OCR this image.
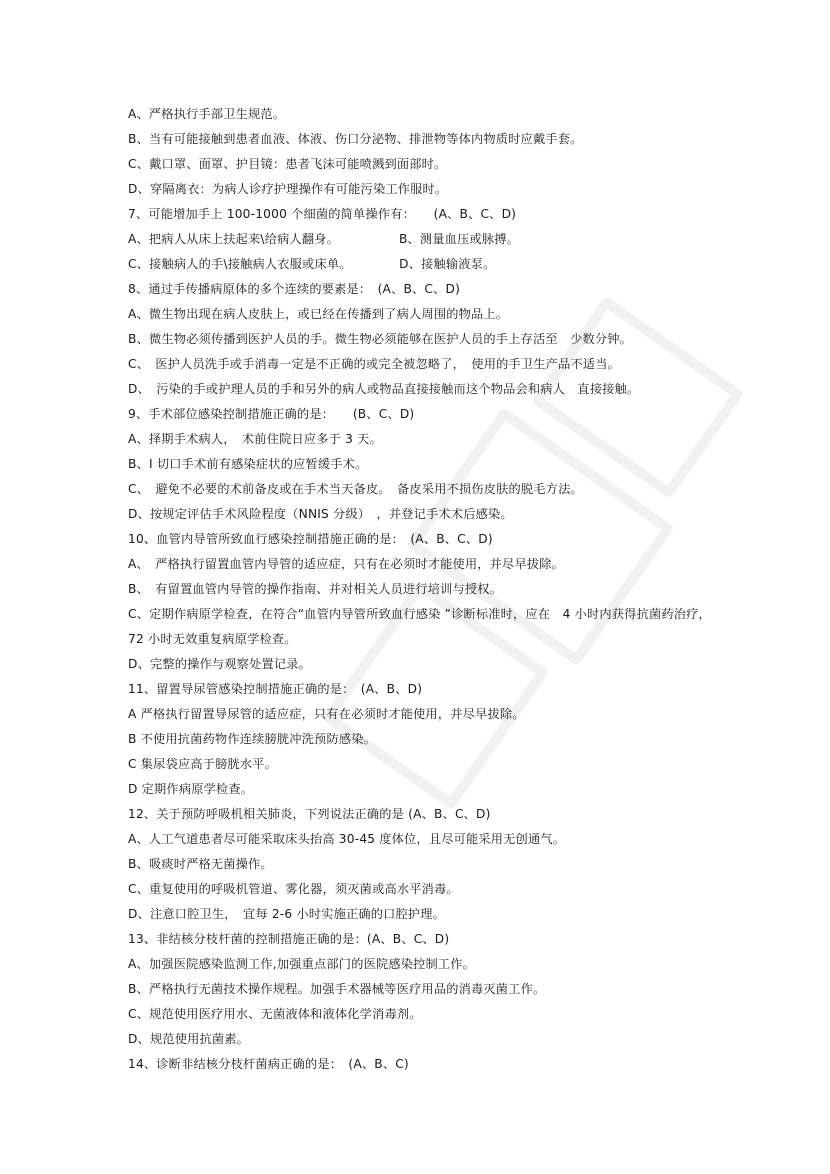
A、严格执行手部卫生规范。
B、当有可能接触到患者血液、体液、伤口分泌物、排泄物等体内物质时应戴手套。
C、戴口罩、面罩、护目镜：患者飞沫可能喷溅到面部时。
D、穿隔离衣：为病人诊疗护理操作有可能污染工作服时。
7、可能增加手上 100-1000 个细菌的简单操作有：　　(A、B、C、D)
A、把病人从床上扶起来\给病人翻身。　　　　　 B、测量血压或脉搏。
C、接触病人的手\接触病人衣服或床单。　　　　 D、接触输液泵。
8、通过手传播病原体的多个连续的要素是：　(A、B、C、D)
A、微生物出现在病人皮肤上，或已经在传播到了病人周围的物品上。
B、微生物必须传播到医护人员的手。微生物必须能够在医护人员的手上存活至　少数分钟。
C、　医护人员洗手或手消毒一定是不正确的或完全被忽略了，　使用的手卫生产品不适当。
D、　污染的手或护理人员的手和另外的病人或物品直接接触而这个物品会和病人　直接接触。
9、手术部位感染控制措施正确的是：　　(B、C、D)
A、择期手术病人，　术前住院日应多于 3 天。
B、I 切口手术前有感染症状的应暂缓手术。
C、　避免不必要的术前备皮或在手术当天备皮。　备皮采用不损伤皮肤的脱毛方法。
D、按规定评估手术风险程度（NNIS 分级）　，并登记手术术后感染。
10、血管内导管所致血行感染控制措施正确的是：　(A、B、C、D)
A、　严格执行留置血管内导管的适应症，只有在必须时才能使用，并尽早拔除。
B、　有留置血管内导管的操作指南、并对相关人员进行培训与授权。
C、定期作病原学检查，在符合“血管内导管所致血行感染 ”诊断标准时，应在　4 小时内获得抗菌药治疗，
72 小时无效重复病原学检查。
D、完整的操作与观察处置记录。
11、留置导尿管感染控制措施正确的是：　(A、B、D)
A 严格执行留置导尿管的适应症，只有在必须时才能使用，并尽早拔除。
B 不使用抗菌药物作连续膀胱冲洗预防感染。
C 集尿袋应高于膀胱水平。
D 定期作病原学检查。
12、关于预防呼吸机相关肺炎，下列说法正确的是 (A、B、C、D)
A、人工气道患者尽可能采取床头抬高 30-45 度体位，且尽可能采用无创通气。
B、吸痰时严格无菌操作。
C、重复使用的呼吸机管道、雾化器，须灭菌或高水平消毒。
D、注意口腔卫生，　宜每 2-6 小时实施正确的口腔护理。
13、非结核分枝杆菌的控制措施正确的是：(A、B、C、D)
A、加强医院感染监测工作,加强重点部门的医院感染控制工作。
B、严格执行无菌技术操作规程。加强手术器械等医疗用品的消毒灭菌工作。
C、规范使用医疗用水、无菌液体和液体化学消毒剂。
D、规范使用抗菌素。
14、诊断非结核分枝杆菌病正确的是：　(A、B、C)
